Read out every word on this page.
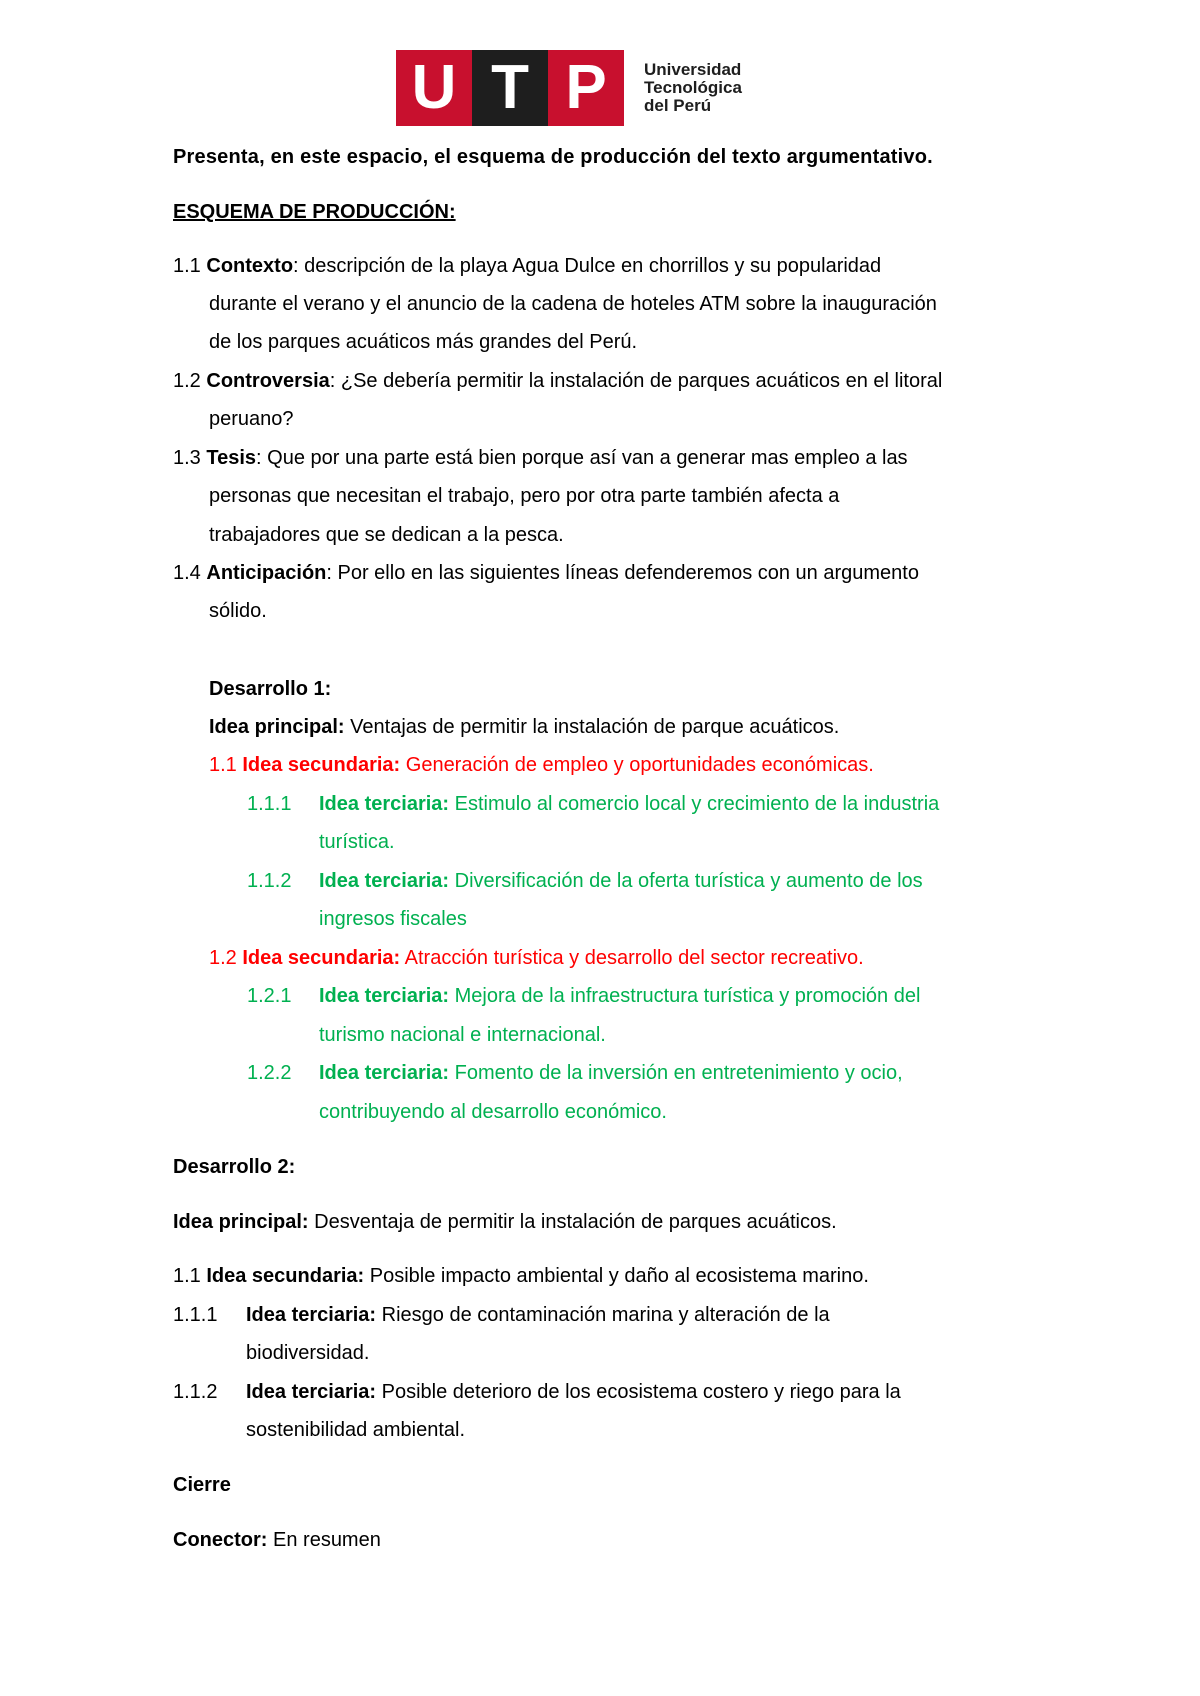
U T P	Universidad
Tecnológica
del Perú
Presenta, en este espacio, el esquema de producción del texto argumentativo.
ESQUEMA DE PRODUCCIÓN:
1.1 Contexto: descripción de la playa Agua Dulce en chorrillos y su popularidad
durante el verano y el anuncio de la cadena de hoteles ATM sobre la inauguración
de los parques acuáticos más grandes del Perú.
1.2 Controversia: ¿Se debería permitir la instalación de parques acuáticos en el litoral
peruano?
1.3 Tesis: Que por una parte está bien porque así van a generar mas empleo a las
personas que necesitan el trabajo, pero por otra parte también afecta a
trabajadores que se dedican a la pesca.
1.4 Anticipación: Por ello en las siguientes líneas defenderemos con un argumento
sólido.
Desarrollo 1:
Idea principal: Ventajas de permitir la instalación de parque acuáticos.
1.1 Idea secundaria: Generación de empleo y oportunidades económicas.
1.1.1 Idea terciaria: Estimulo al comercio local y crecimiento de la industria
turística.
1.1.2 Idea terciaria: Diversificación de la oferta turística y aumento de los
ingresos fiscales
1.2 Idea secundaria: Atracción turística y desarrollo del sector recreativo.
1.2.1 Idea terciaria: Mejora de la infraestructura turística y promoción del
turismo nacional e internacional.
1.2.2 Idea terciaria: Fomento de la inversión en entretenimiento y ocio,
contribuyendo al desarrollo económico.
Desarrollo 2:
Idea principal: Desventaja de permitir la instalación de parques acuáticos.
1.1 Idea secundaria: Posible impacto ambiental y daño al ecosistema marino.
1.1.1 Idea terciaria: Riesgo de contaminación marina y alteración de la
biodiversidad.
1.1.2 Idea terciaria: Posible deterioro de los ecosistema costero y riego para la
sostenibilidad ambiental.
Cierre
Conector: En resumen
